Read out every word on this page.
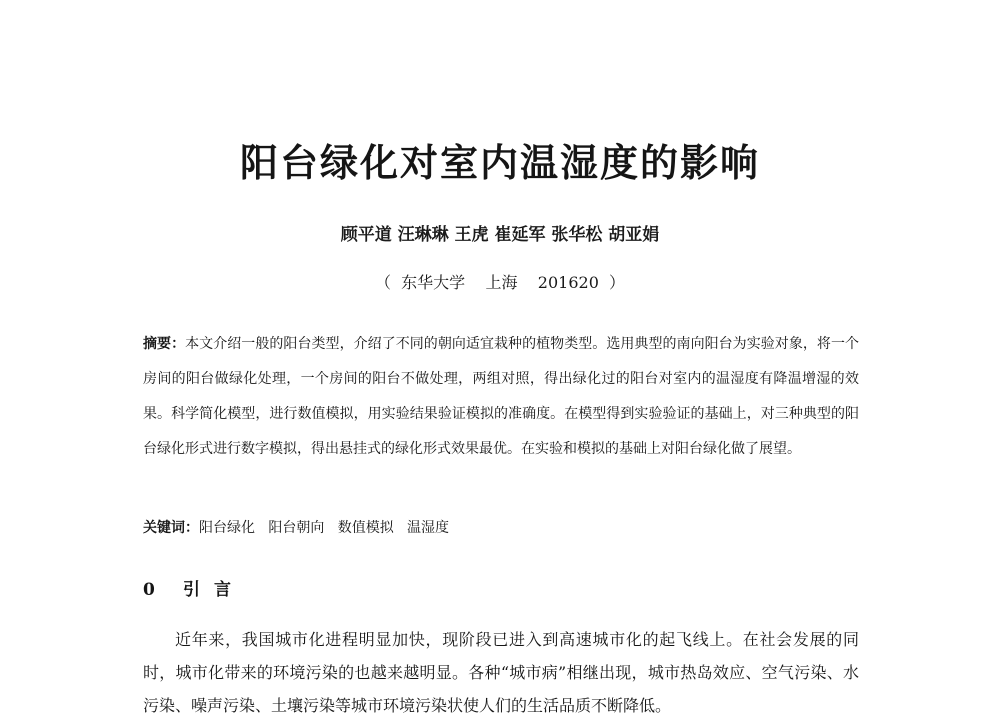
阳台绿化对室内温湿度的影响
顾平道 汪琳琳 王虎 崔延军 张华松 胡亚娟
（  东华大学    上海    201620  ）
摘要：本文介绍一般的阳台类型，介绍了不同的朝向适宜栽种的植物类型。选用典型的南向阳台为实验对象，将一个房间的阳台做绿化处理，一个房间的阳台不做处理，两组对照，得出绿化过的阳台对室内的温湿度有降温增湿的效果。科学简化模型，进行数值模拟，用实验结果验证模拟的准确度。在模型得到实验验证的基础上，对三种典型的阳台绿化形式进行数字模拟，得出悬挂式的绿化形式效果最优。在实验和模拟的基础上对阳台绿化做了展望。
关键词：阳台绿化   阳台朝向   数值模拟   温湿度
0 引言
近年来，我国城市化进程明显加快，现阶段已进入到高速城市化的起飞线上。在社会发展的同时，城市化带来的环境污染的也越来越明显。各种“城市病”相继出现，城市热岛效应、空气污染、水污染、噪声污染、土壤污染等城市环境污染状使人们的生活品质不断降低。
